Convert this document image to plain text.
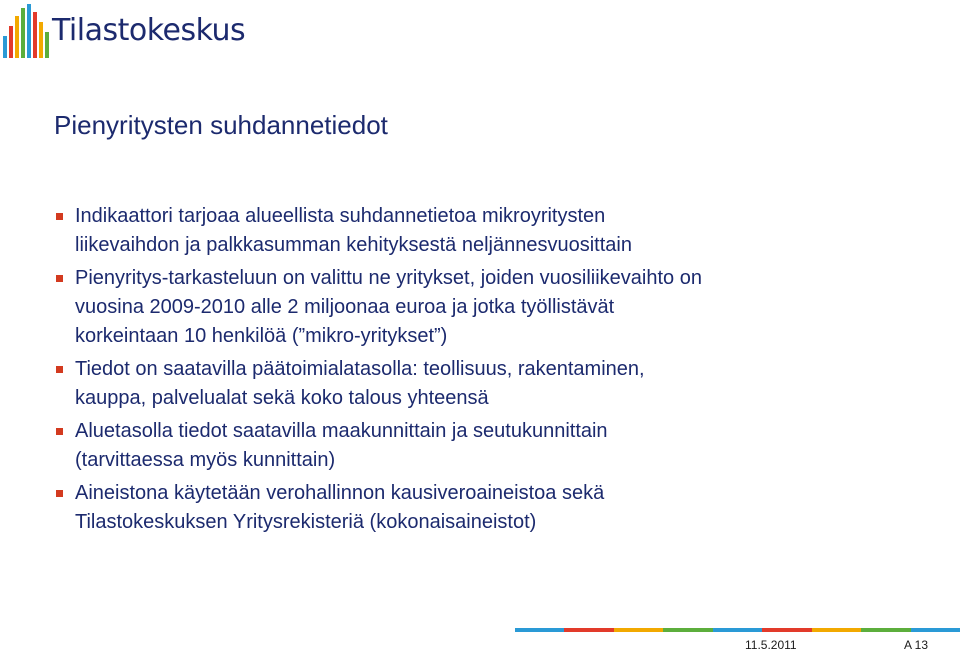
Tilastokeskus
Pienyritysten suhdannetiedot
Indikaattori tarjoaa alueellista suhdannetietoa mikroyritysten
liikevaihdon ja palkkasumman kehityksestä neljännesvuosittain
Pienyritys-tarkasteluun on valittu ne yritykset, joiden vuosiliikevaihto on
vuosina 2009-2010 alle 2 miljoonaa euroa ja jotka työllistävät
korkeintaan 10 henkilöä (”mikro-yritykset”)
Tiedot on saatavilla päätoimialatasolla: teollisuus, rakentaminen,
kauppa, palvelualat sekä koko talous yhteensä
Aluetasolla tiedot saatavilla maakunnittain ja seutukunnittain
(tarvittaessa myös kunnittain)
Aineistona käytetään verohallinnon kausiveroaineistoa sekä
Tilastokeskuksen Yritysrekisteriä (kokonaisaineistot)
11.5.2011	A 13
